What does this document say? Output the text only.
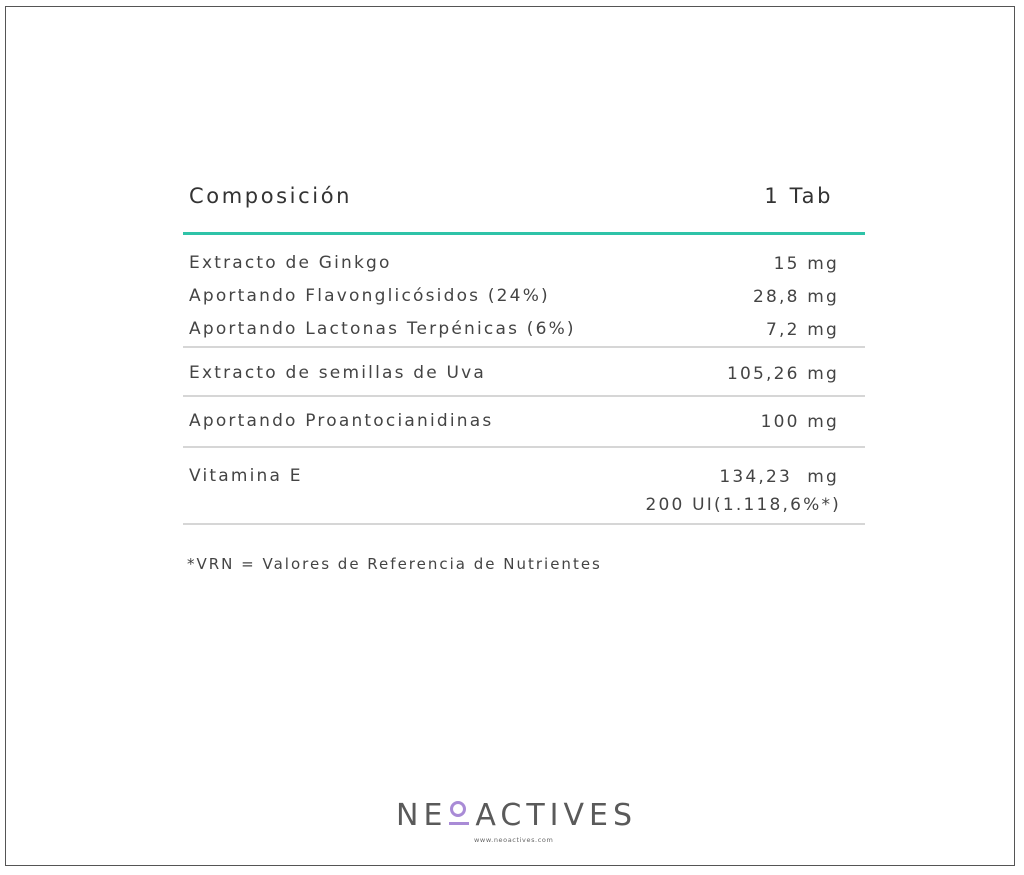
Composición	1 Tab
Extracto de Ginkgo	15 mg
Aportando Flavonglicósidos (24%)	28,8 mg
Aportando Lactonas Terpénicas (6%)	7,2 mg
Extracto de semillas de Uva	105,26 mg
Aportando Proantocianidinas	100 mg
Vitamina E	134,23  mg
200 UI(1.118,6%*)
*VRN = Valores de Referencia de Nutrientes
NE ACTIVES
www.neoactives.com
